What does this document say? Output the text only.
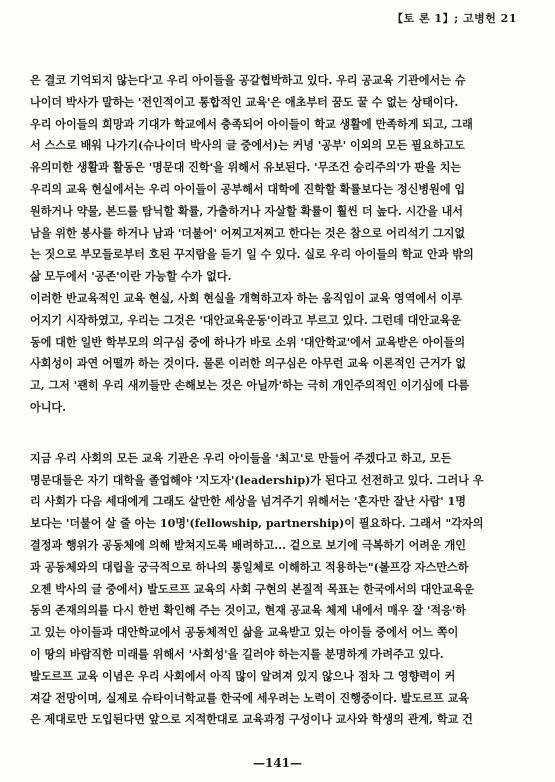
【토 론 1】; 고병헌 21
은 결코 기억되지 않는다'고 우리 아이들을 공갈협박하고 있다. 우리 공교육 기관에서는 슈
나이더 박사가 말하는 '전인적이고 통합적인 교육'은 애초부터 꿈도 꿀 수 없는 상태이다.
우리 아이들의 희망과 기대가 학교에서 충족되어 아이들이 학교 생활에 만족하게 되고, 그래
서 스스로 배워 나가기(슈나이더 박사의 글 중에서)는 커녕 '공부' 이외의 모든 필요하고도
유의미한 생활과 활동은 '명문대 진학'을 위해서 유보된다. '무조건 승리주의'가 판을 치는
우리의 교육 현실에서는 우리 아이들이 공부해서 대학에 진학할 확률보다는 정신병원에 입
원하거나 약물, 본드를 탐닉할 확률, 가출하거나 자살할 확률이 훨씬 더 높다. 시간을 내서
남을 위한 봉사를 하거나 남과 '더불어' 어찌고저찌고 한다는 것은 참으로 어리석기 그지없
는 짓으로 부모들로부터 호된 꾸지람을 듣기 일 수 있다. 실로 우리 아이들의 학교 안과 밖의
삶 모두에서 '공존'이란 가능할 수가 없다.
이러한 반교육적인 교육 현실, 사회 현실을 개혁하고자 하는 움직임이 교육 영역에서 이루
어지기 시작하였고, 우리는 그것은 '대안교육운동'이라고 부르고 있다. 그런데 대안교육운
동에 대한 일반 학부모의 의구심 중에 하나가 바로 소위 '대안학교'에서 교육받은 아이들의
사회성이 과연 어떨까 하는 것이다. 물론 이러한 의구심은 아무런 교육 이론적인 근거가 없
고, 그저 '괜히 우리 새끼들만 손해보는 것은 아닐까'하는 극히 개인주의적인 이기심에 다름
아니다.
지금 우리 사회의 모든 교육 기관은 우리 아이들을 '최고'로 만들어 주겠다고 하고, 모든
명문대들은 자기 대학을 졸업해야 '지도자'(leadership)가 된다고 선전하고 있다. 그러나 우
리 사회가 다음 세대에게 그래도 살만한 세상을 넘겨주기 위해서는 '혼자만 잘난 사람' 1명
보다는 '더불어 살 줄 아는 10명'(fellowship, partnership)이 필요하다. 그래서 "각자의
결정과 행위가 공동체에 의해 받쳐지도록 배려하고... 겉으로 보기에 극복하기 어려운 개인
과 공동체와의 대립을 궁극적으로 하나의 통일체로 이해하고 적용하는"(볼프강 자스만스하
오젠 박사의 글 중에서) 발도르프 교육의 사회 구현의 본질적 목표는 한국에서의 대안교육운
동의 존재의의를 다시 한번 확인해 주는 것이고, 현재 공교육 체제 내에서 매우 잘 '적응'하
고 있는 아이들과 대안학교에서 공동체적인 삶을 교육받고 있는 아이들 중에서 어느 쪽이
이 땅의 바람직한 미래를 위해서 '사회성'을 길러야 하는지를 분명하게 가려주고 있다.
발도르프 교육 이념은 우리 사회에서 아직 많이 알려져 있지 않으나 점차 그 영향력이 커
져갈 전망이며, 실제로 슈타이너학교를 한국에 세우려는 노력이 진행중이다. 발도르프 교육
은 제대로만 도입된다면 앞으로 지적한대로 교육과정 구성이나 교사와 학생의 관계, 학교 건
—141—
